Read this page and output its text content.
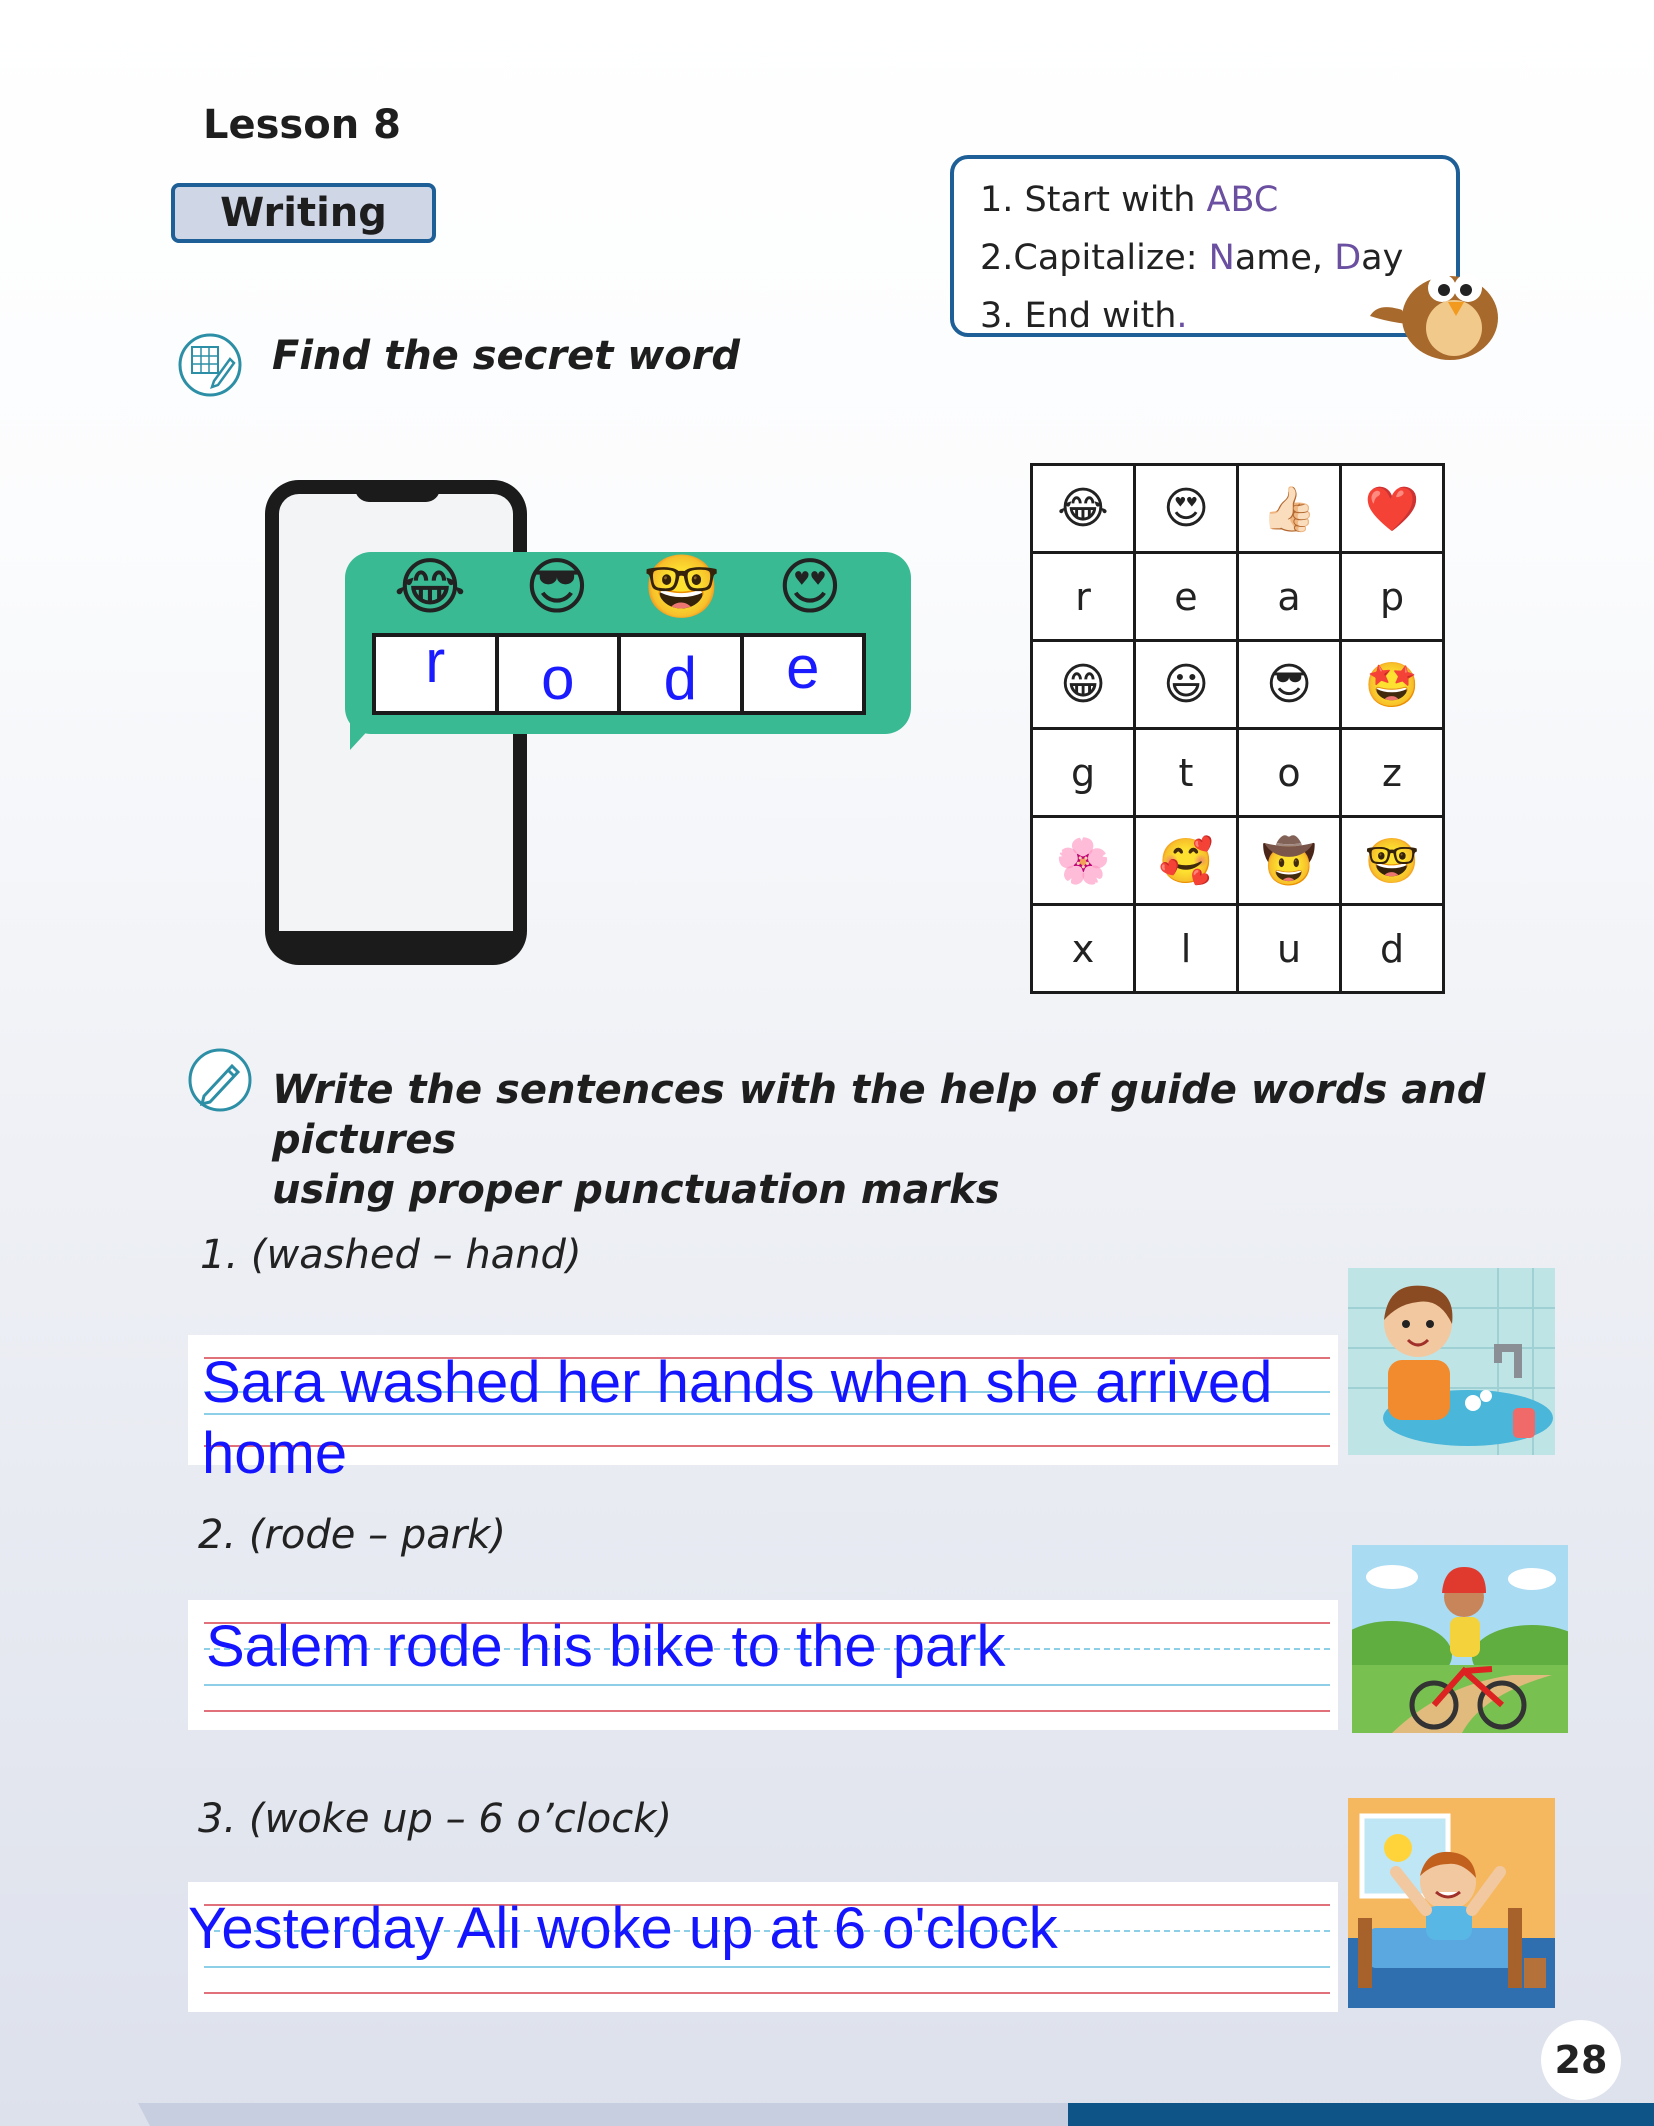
Lesson 8
Writing	1. Start with ABC
2.Capitalize: Name, Day
3. End with.
Find the secret word
😂 😎 🤓 😍
r	o	d	e
😂	😍	👍🏻	❤️
r	e	a	p
😁	😃	😎	🤩
g	t	o	z
🌸	🥰	🤠	🤓
x	l	u	d
Write the sentences with the help of guide words and pictures
using proper punctuation marks
1. (washed – hand)
Sara washed her hands when she arrived
home
2. (rode – park)
Salem rode his bike to the park
3. (woke up – 6 o’clock)
Yesterday Ali woke up at 6 o'clock
28
